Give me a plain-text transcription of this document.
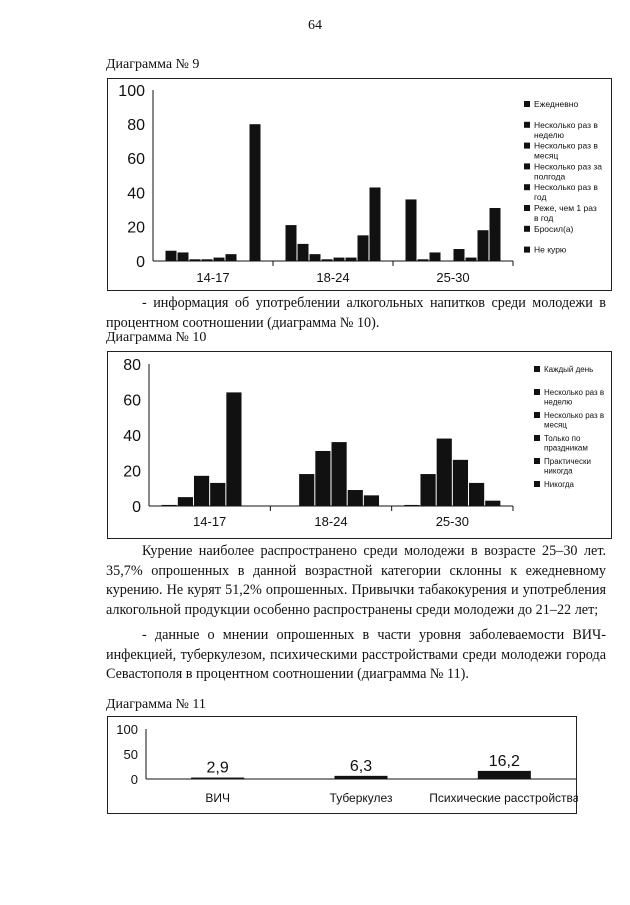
64
Диаграмма № 9
0
20
40
60
80
100
14-17	18-24	25-30
Ежедневно
Несколько раз в неделю
Несколько раз в месяц
Несколько раз за полгода
Несколько раз в год
Реже, чем 1 раз в год
Бросил(а)
Не курю
- информация об употреблении алкогольных напитков среди молодежи в процентном соотношении (диаграмма № 10).
Диаграмма № 10
0
20
40
60
80
14-17	18-24	25-30
Каждый день
Несколько раз в неделю
Несколько раз в месяц
Только по праздникам
Практически никогда
Никогда
Курение наиболее распространено среди молодежи в возрасте 25–30 лет. 35,7% опрошенных в данной возрастной категории склонны к ежедневному курению. Не курят 51,2% опрошенных. Привычки табакокурения и употребления алкогольной продукции особенно распространены среди молодежи до 21–22 лет;
- данные о мнении опрошенных в части уровня заболеваемости ВИЧ-инфекцией, туберкулезом, психическими расстройствами среди молодежи города Севастополя в процентном соотношении (диаграмма № 11).
Диаграмма № 11
0
50
100
2,9
ВИЧ
6,3
Туберкулез
16,2
Психические расстройства
